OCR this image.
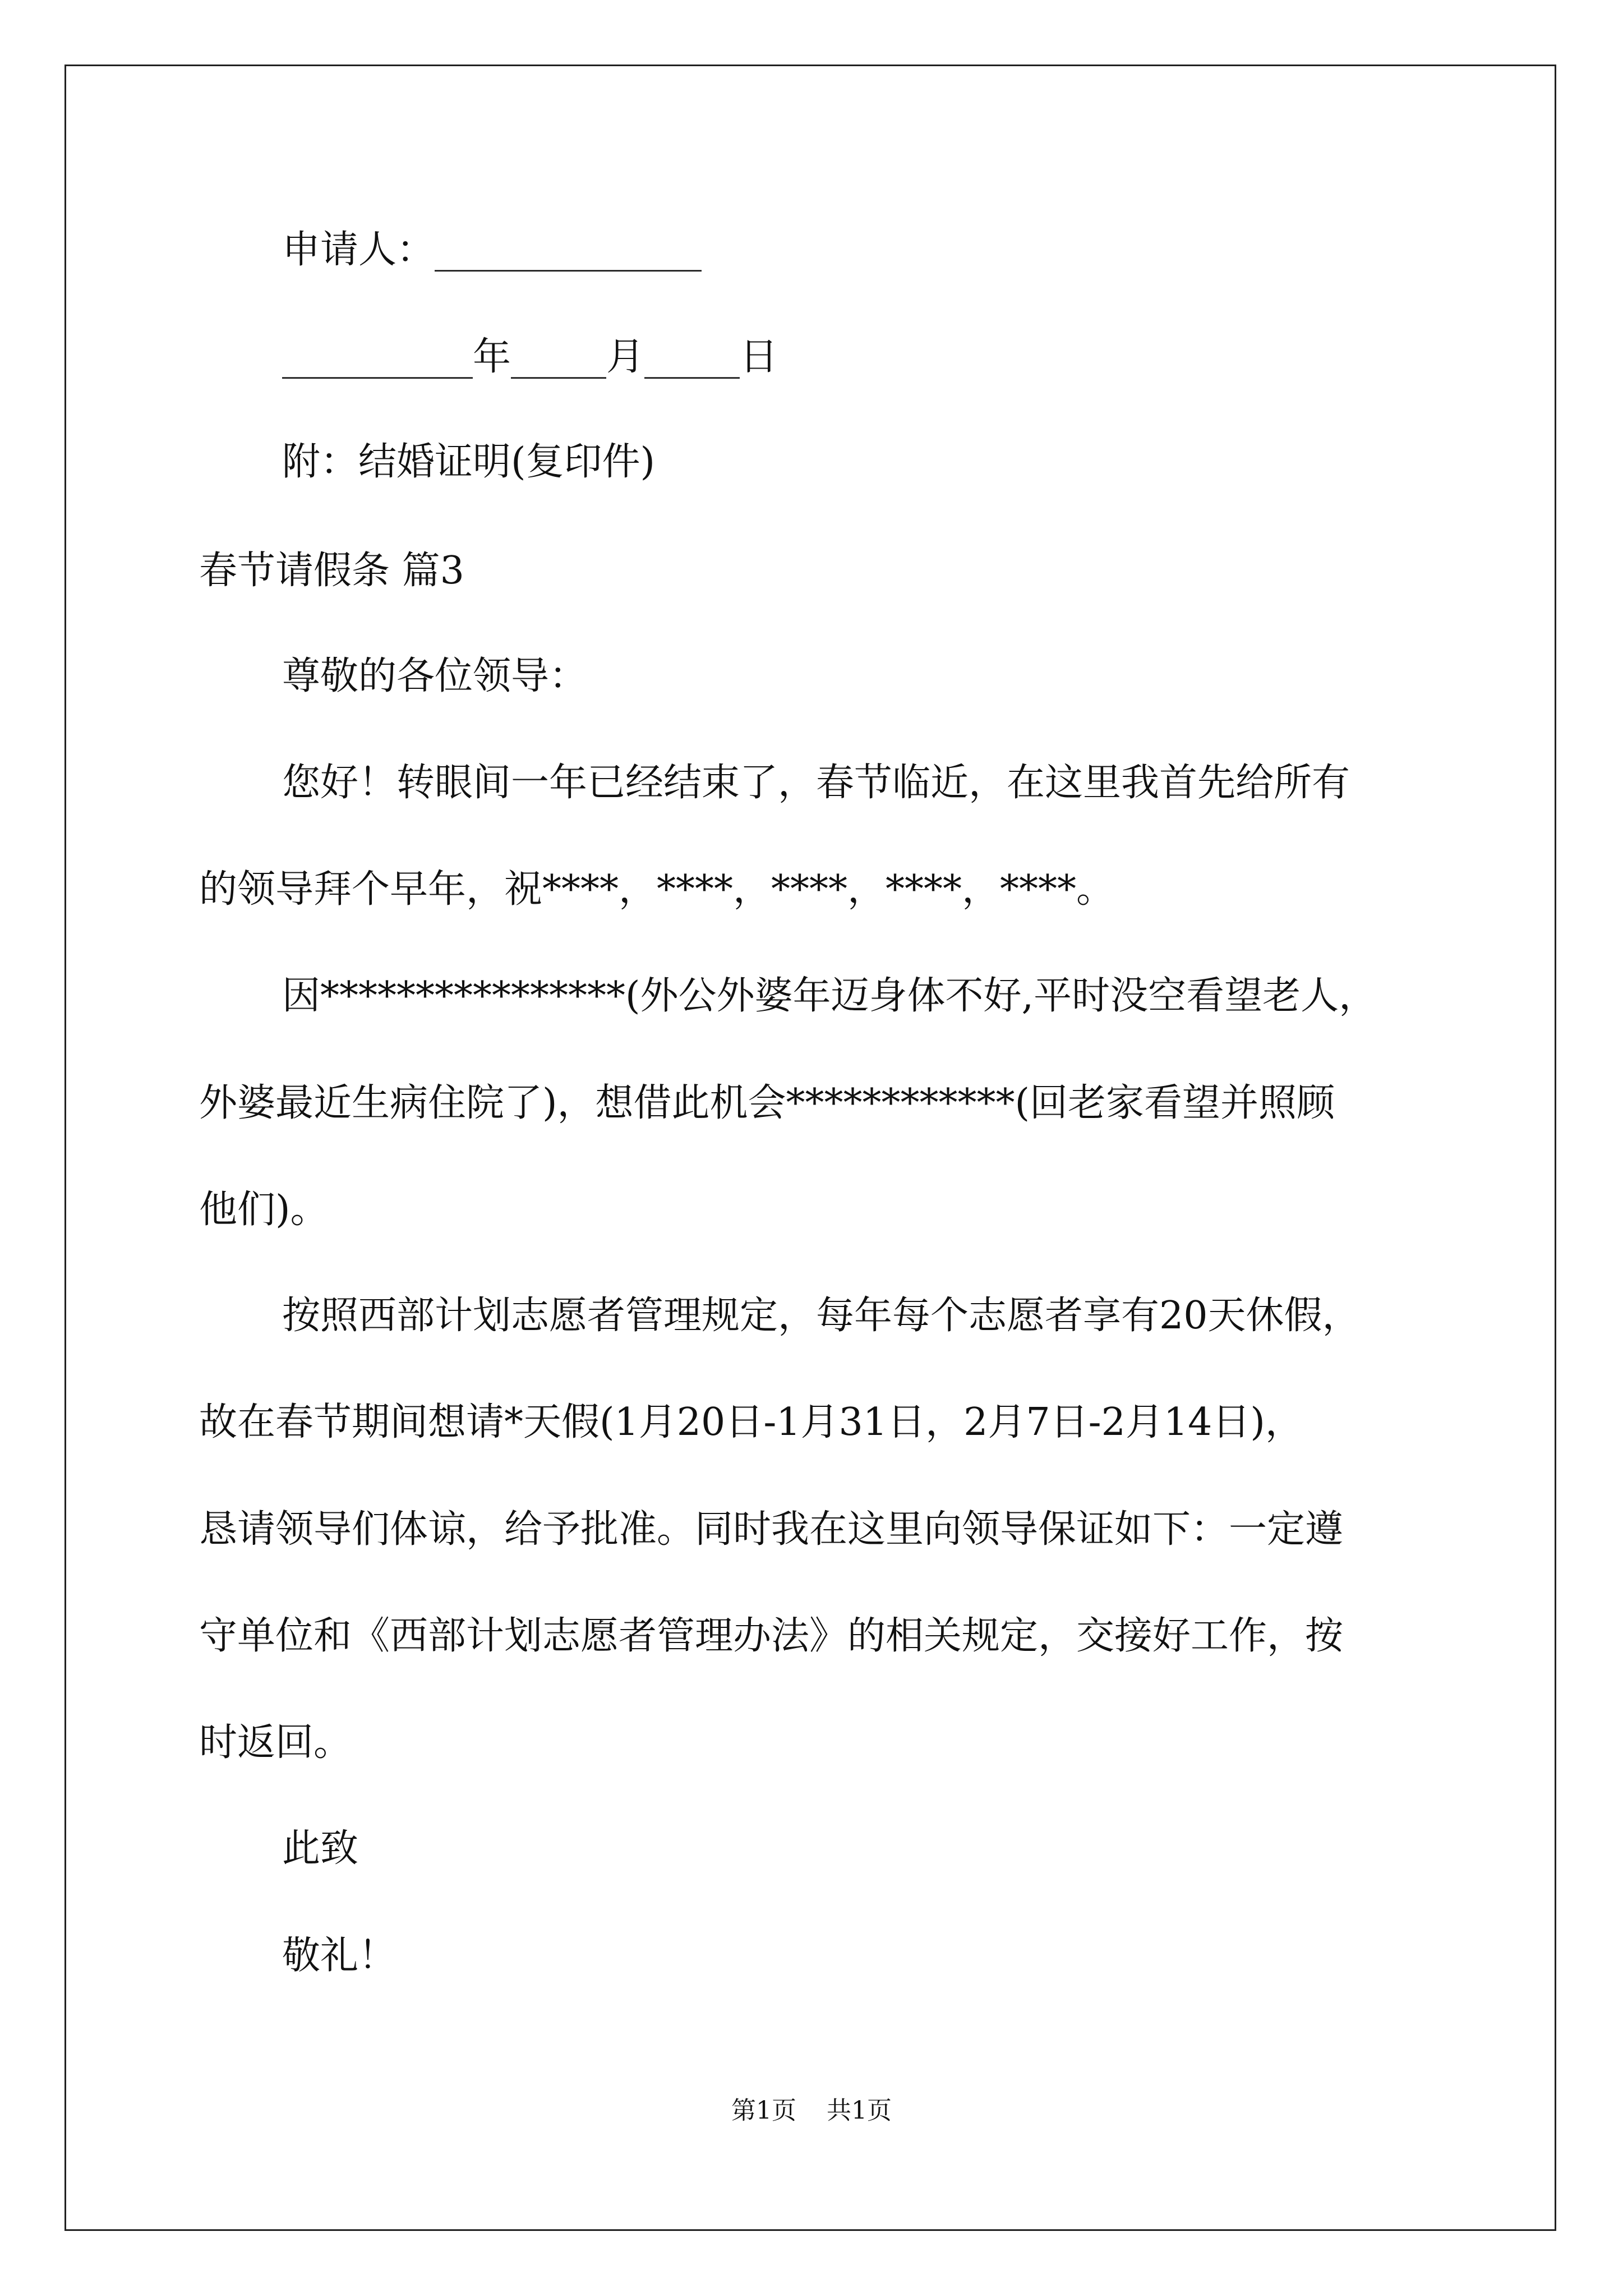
申请人：______________

__________年_____月_____日

附：结婚证明(复印件)

春节请假条 篇3

尊敬的各位领导：

您好！转眼间一年已经结束了，春节临近，在这里我首先给所有

的领导拜个早年，祝****，****，****，****，****。

因****************(外公外婆年迈身体不好,平时没空看望老人，

外婆最近生病住院了)，想借此机会************(回老家看望并照顾

他们)。

按照西部计划志愿者管理规定，每年每个志愿者享有20天休假，

故在春节期间想请*天假(1月20日-1月31日，2月7日-2月14日)，

恳请领导们体谅，给予批准。同时我在这里向领导保证如下：一定遵

守单位和《西部计划志愿者管理办法》的相关规定，交接好工作，按

时返回。

此致

敬礼！

第1页 共1页
